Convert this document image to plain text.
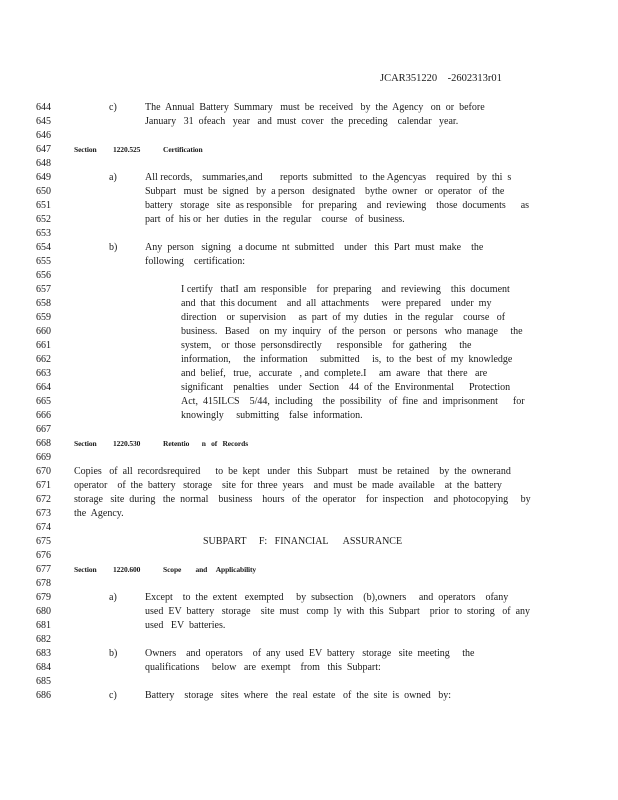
JCAR351220    -2602313r01
644	c)	The  Annual  Battery  Summary   must  be  received   by  the  Agency   on  or  before
645	January   31  ofeach   year   and  must  cover   the  preceding    calendar   year.
646
647	Section 1220.525	Certification
648
649	a)	All records,    summaries,and       reports  submitted   to  the Agencyas    required   by  thi  s
650	Subpart   must  be  signed   by  a person   designated    bythe  owner   or  operator   of  the
651	battery   storage   site  as responsible    for  preparing    and  reviewing    those  documents      as
652	part  of  his or  her  duties  in  the  regular    course   of  business.
653
654	b)	Any  person   signing   a docume  nt  submitted    under   this  Part  must  make    the
655	following    certification:
656
657	I certify   thatI  am  responsible    for  preparing    and  reviewing    this  document
658	and  that  this document    and  all  attachments     were  prepared    under  my
659	direction    or  supervision     as  part  of  my  duties   in  the  regular    course   of
660	business.   Based    on  my  inquiry   of  the  person   or  persons   who  manage     the
661	system,    or  those  personsdirectly      responsible    for  gathering     the
662	information,     the  information     submitted     is,  to  the  best  of  my  knowledge
663	and  belief,   true,   accurate   , and  complete.I     am  aware   that  there   are
664	significant    penalties    under   Section    44  of  the  Environmental      Protection
665	Act,  415ILCS    5/44,  including    the  possibility   of  fine  and  imprisonment      for
666	knowingly     submitting    false  information.
667
668	Section 1220.530	Retentio       n   of   Records
669
670	Copies   of  all  recordsrequired      to  be  kept   under   this  Subpart    must  be  retained    by  the  ownerand
671	operator    of  the  battery   storage    site  for  three  years    and  must  be  made  available    at  the  battery
672	storage   site  during   the  normal    business    hours   of  the  operator    for  inspection    and  photocopying     by
673	the  Agency.
674
675	SUBPART     F:   FINANCIAL      ASSURANCE
676
677	Section 1220.600	Scope        and     Applicability
678
679	a)	Except    to  the  extent   exempted     by  subsection    (b),owners     and  operators    ofany
680	used  EV  battery   storage    site  must   comp  ly  with  this  Subpart    prior  to  storing   of  any
681	used   EV  batteries.
682
683	b)	Owners    and  operators    of  any  used  EV  battery   storage   site  meeting     the
684	qualifications     below   are  exempt    from   this  Subpart:
685
686	c)	Battery    storage   sites  where   the  real  estate   of  the  site  is  owned   by:
